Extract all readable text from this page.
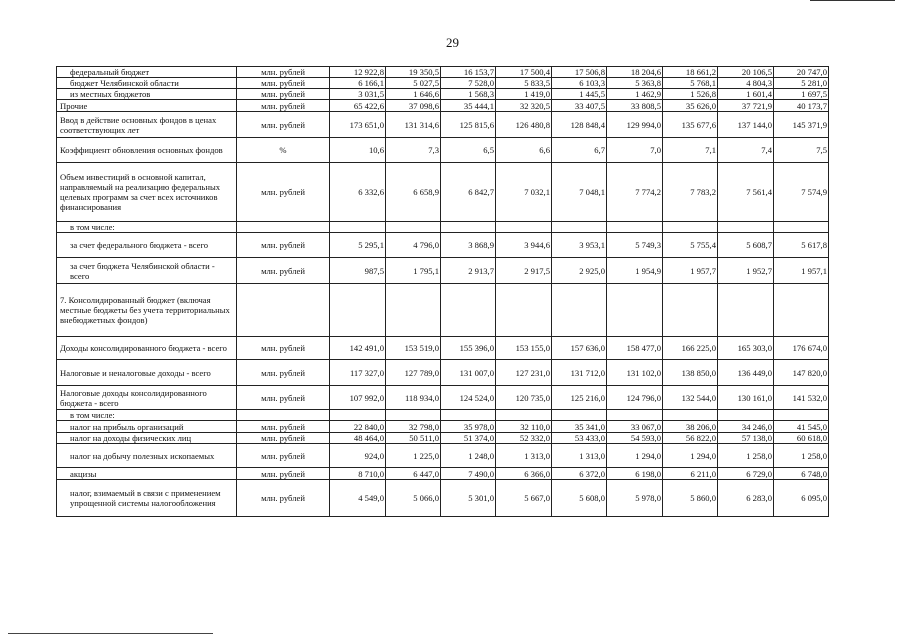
29
федеральный бюджет	млн. рублей	12 922,8	19 350,5	16 153,7	17 500,4	17 506,8	18 204,6	18 661,2	20 106,5	20 747,0
бюджет Челябинской области	млн. рублей	6 166,1	5 027,5	7 528,0	5 833,5	6 103,3	5 363,8	5 768,1	4 804,3	5 281,0
из местных бюджетов	млн. рублей	3 031,5	1 646,6	1 568,3	1 419,0	1 445,5	1 462,9	1 526,8	1 601,4	1 697,5
Прочие	млн. рублей	65 422,6	37 098,6	35 444,1	32 320,5	33 407,5	33 808,5	35 626,0	37 721,9	40 173,7
Ввод в действие основных фондов в ценах соответствующих лет	млн. рублей	173 651,0	131 314,6	125 815,6	126 480,8	128 848,4	129 994,0	135 677,6	137 144,0	145 371,9
Коэффициент обновления основных фондов	%	10,6	7,3	6,5	6,6	6,7	7,0	7,1	7,4	7,5
Объем инвестиций в основной капитал, направляемый на реализацию федеральных целевых программ за счет всех источников финансирования	млн. рублей	6 332,6	6 658,9	6 842,7	7 032,1	7 048,1	7 774,2	7 783,2	7 561,4	7 574,9
в том числе:										
за счет федерального бюджета - всего	млн. рублей	5 295,1	4 796,0	3 868,9	3 944,6	3 953,1	5 749,3	5 755,4	5 608,7	5 617,8
за счет бюджета Челябинской области - всего	млн. рублей	987,5	1 795,1	2 913,7	2 917,5	2 925,0	1 954,9	1 957,7	1 952,7	1 957,1
7. Консолидированный бюджет (включая местные бюджеты без учета территориальных внебюджетных фондов)										
Доходы консолидированного бюджета - всего	млн. рублей	142 491,0	153 519,0	155 396,0	153 155,0	157 636,0	158 477,0	166 225,0	165 303,0	176 674,0
Налоговые и неналоговые доходы - всего	млн. рублей	117 327,0	127 789,0	131 007,0	127 231,0	131 712,0	131 102,0	138 850,0	136 449,0	147 820,0
Налоговые доходы консолидированного бюджета - всего	млн. рублей	107 992,0	118 934,0	124 524,0	120 735,0	125 216,0	124 796,0	132 544,0	130 161,0	141 532,0
в том числе:										
налог на прибыль организаций	млн. рублей	22 840,0	32 798,0	35 978,0	32 110,0	35 341,0	33 067,0	38 206,0	34 246,0	41 545,0
налог на доходы физических лиц	млн. рублей	48 464,0	50 511,0	51 374,0	52 332,0	53 433,0	54 593,0	56 822,0	57 138,0	60 618,0
налог на добычу полезных ископаемых	млн. рублей	924,0	1 225,0	1 248,0	1 313,0	1 313,0	1 294,0	1 294,0	1 258,0	1 258,0
акцизы	млн. рублей	8 710,0	6 447,0	7 490,0	6 366,0	6 372,0	6 198,0	6 211,0	6 729,0	6 748,0
налог, взимаемый в связи с применением упрощенной системы налогообложения	млн. рублей	4 549,0	5 066,0	5 301,0	5 667,0	5 608,0	5 978,0	5 860,0	6 283,0	6 095,0
